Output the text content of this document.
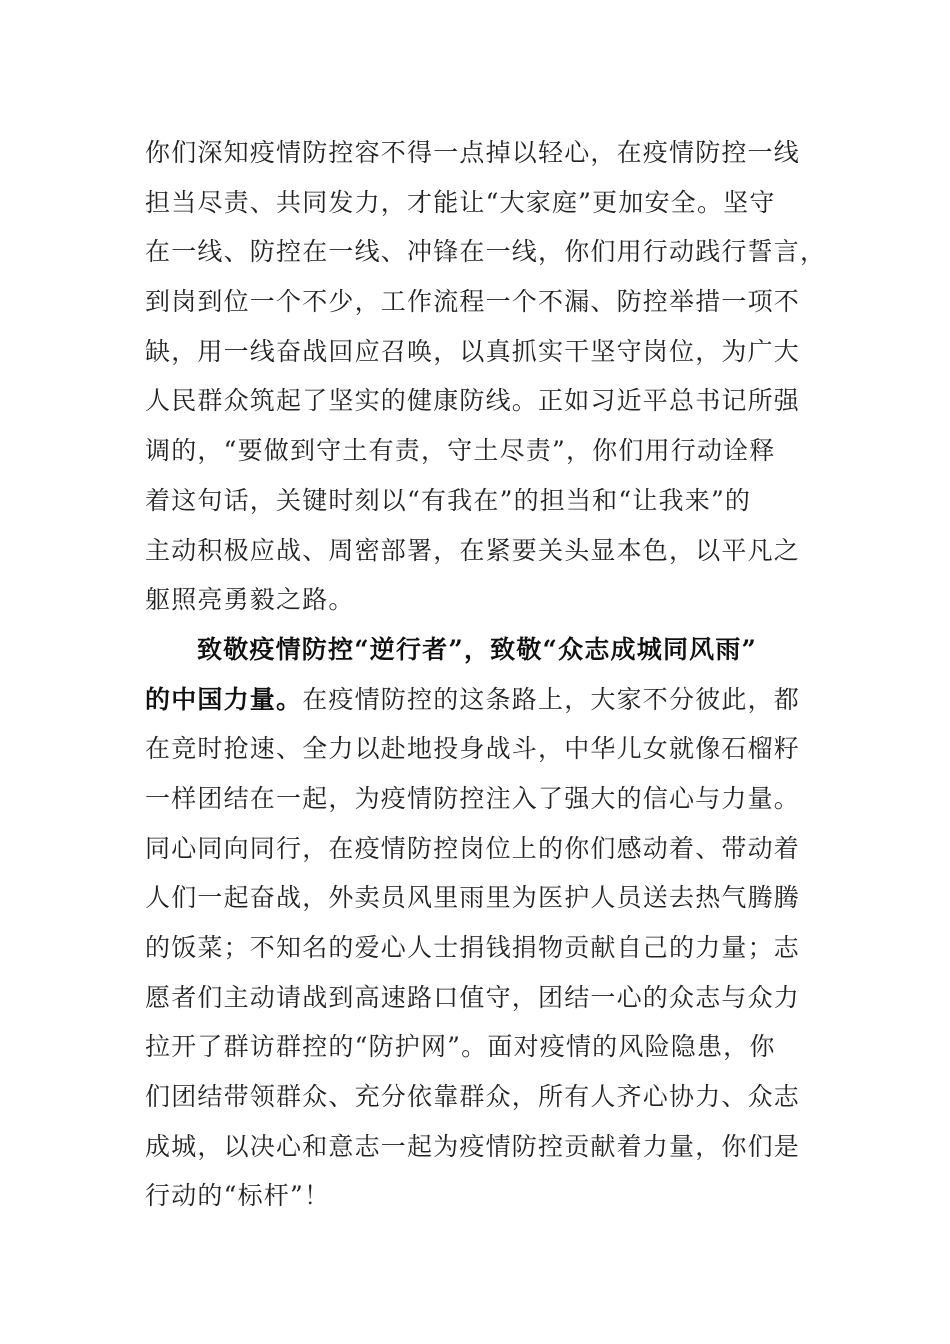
你们深知疫情防控容不得一点掉以轻心，在疫情防控一线
担当尽责、共同发力，才能让“大家庭”更加安全。坚守
在一线、防控在一线、冲锋在一线，你们用行动践行誓言，
到岗到位一个不少，工作流程一个不漏、防控举措一项不
缺，用一线奋战回应召唤，以真抓实干坚守岗位，为广大
人民群众筑起了坚实的健康防线。正如习近平总书记所强
调的，“要做到守土有责，守土尽责”，你们用行动诠释
着这句话，关键时刻以“有我在”的担当和“让我来”的
主动积极应战、周密部署，在紧要关头显本色，以平凡之
躯照亮勇毅之路。
致敬疫情防控“逆行者”，致敬“众志成城同风雨”
的中国力量。在疫情防控的这条路上，大家不分彼此，都
在竞时抢速、全力以赴地投身战斗，中华儿女就像石榴籽
一样团结在一起，为疫情防控注入了强大的信心与力量。
同心同向同行，在疫情防控岗位上的你们感动着、带动着
人们一起奋战，外卖员风里雨里为医护人员送去热气腾腾
的饭菜；不知名的爱心人士捐钱捐物贡献自己的力量；志
愿者们主动请战到高速路口值守，团结一心的众志与众力
拉开了群访群控的“防护网”。面对疫情的风险隐患，你
们团结带领群众、充分依靠群众，所有人齐心协力、众志
成城，以决心和意志一起为疫情防控贡献着力量，你们是
行动的“标杆”！
